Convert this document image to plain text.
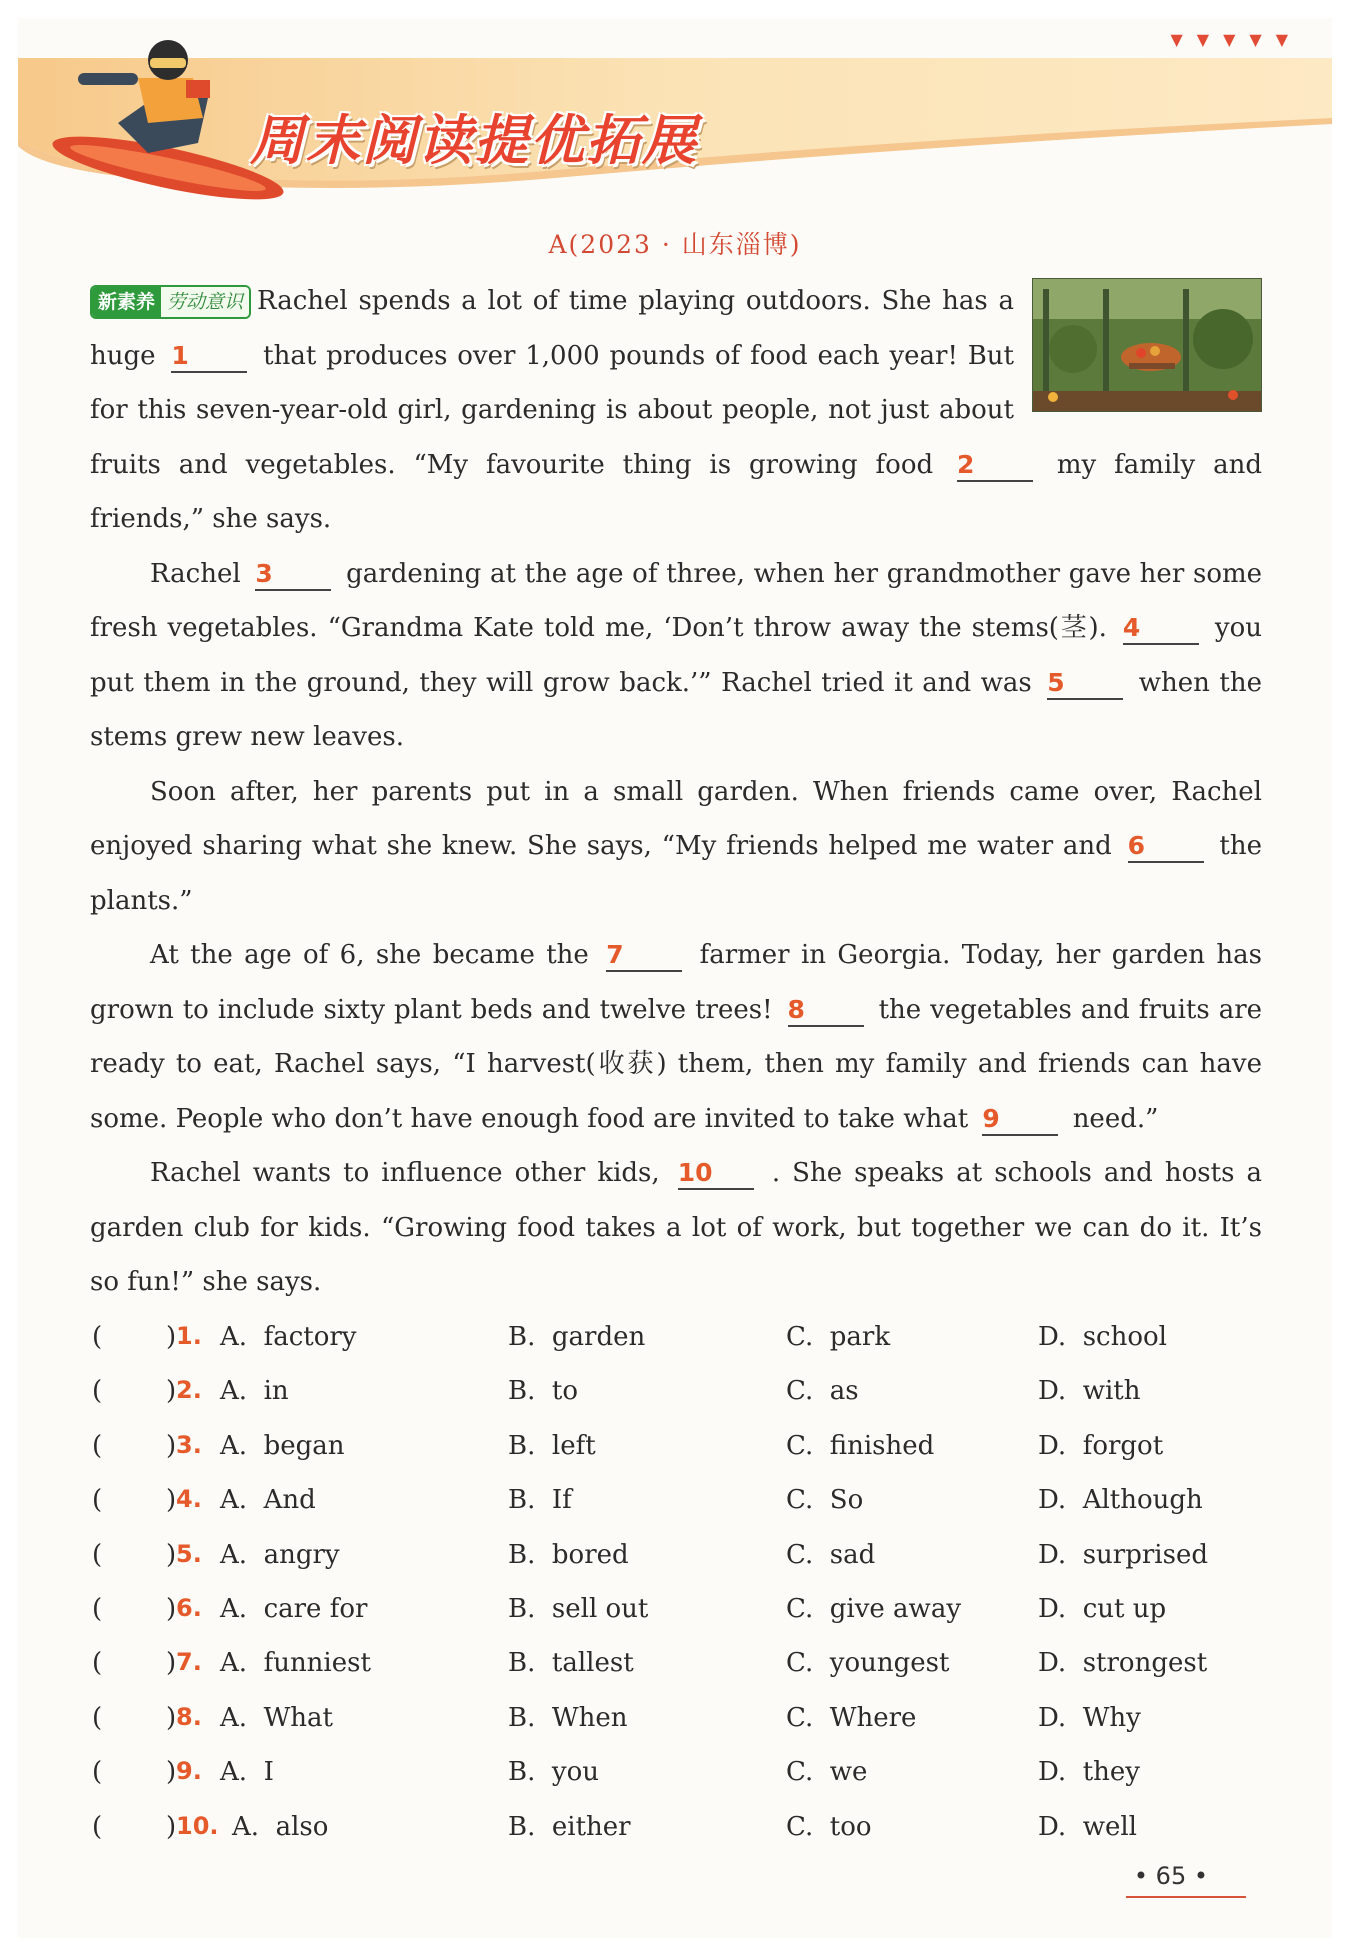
▼▼▼▼▼
周末阅读提优拓展
A(2023 · 山东淄博)

新素养 劳动意识 Rachel spends a lot of time playing outdoors. She has a huge 1	that produces over 1,000 pounds of food each year! But for this seven-year-old girl, gardening is about people, not just about fruits and vegetables. “My favourite thing is growing food 2	my family and friends,” she says.

Rachel 3	gardening at the age of three, when her grandmother gave her some fresh vegetables. “Grandma Kate told me, ‘Don’t throw away the stems(茎). 4	you put them in the ground, they will grow back.’” Rachel tried it and was 5	when the stems grew new leaves.

Soon after, her parents put in a small garden. When friends came over, Rachel enjoyed sharing what she knew. She says, “My friends helped me water and 6	the plants.”

At the age of 6, she became the 7	farmer in Georgia. Today, her garden has grown to include sixty plant beds and twelve trees! 8	the vegetables and fruits are ready to eat, Rachel says, “I harvest(收获) them, then my family and friends can have some. People who don’t have enough food are invited to take what 9	need.”

Rachel wants to influence other kids, 10 . She speaks at schools and hosts a garden club for kids. “Growing food takes a lot of work, but together we can do it. It’s so fun!” she says.

( ) 1. A.  factory	B.  garden	C.  park	D.  school
( ) 2. A.  in	B.  to	C.  as	D.  with
( ) 3. A.  began	B.  left	C.  finished	D.  forgot
( ) 4. A.  And	B.  If	C.  So	D.  Although
( ) 5. A.  angry	B.  bored	C.  sad	D.  surprised
( ) 6. A.  care for	B.  sell out	C.  give away	D.  cut up
( ) 7. A.  funniest	B.  tallest	C.  youngest	D.  strongest
( ) 8. A.  What	B.  When	C.  Where	D.  Why
( ) 9. A.  I	B.  you	C.  we	D.  they
( ) 10. A.  also	B.  either	C.  too	D.  well
• 65 •
